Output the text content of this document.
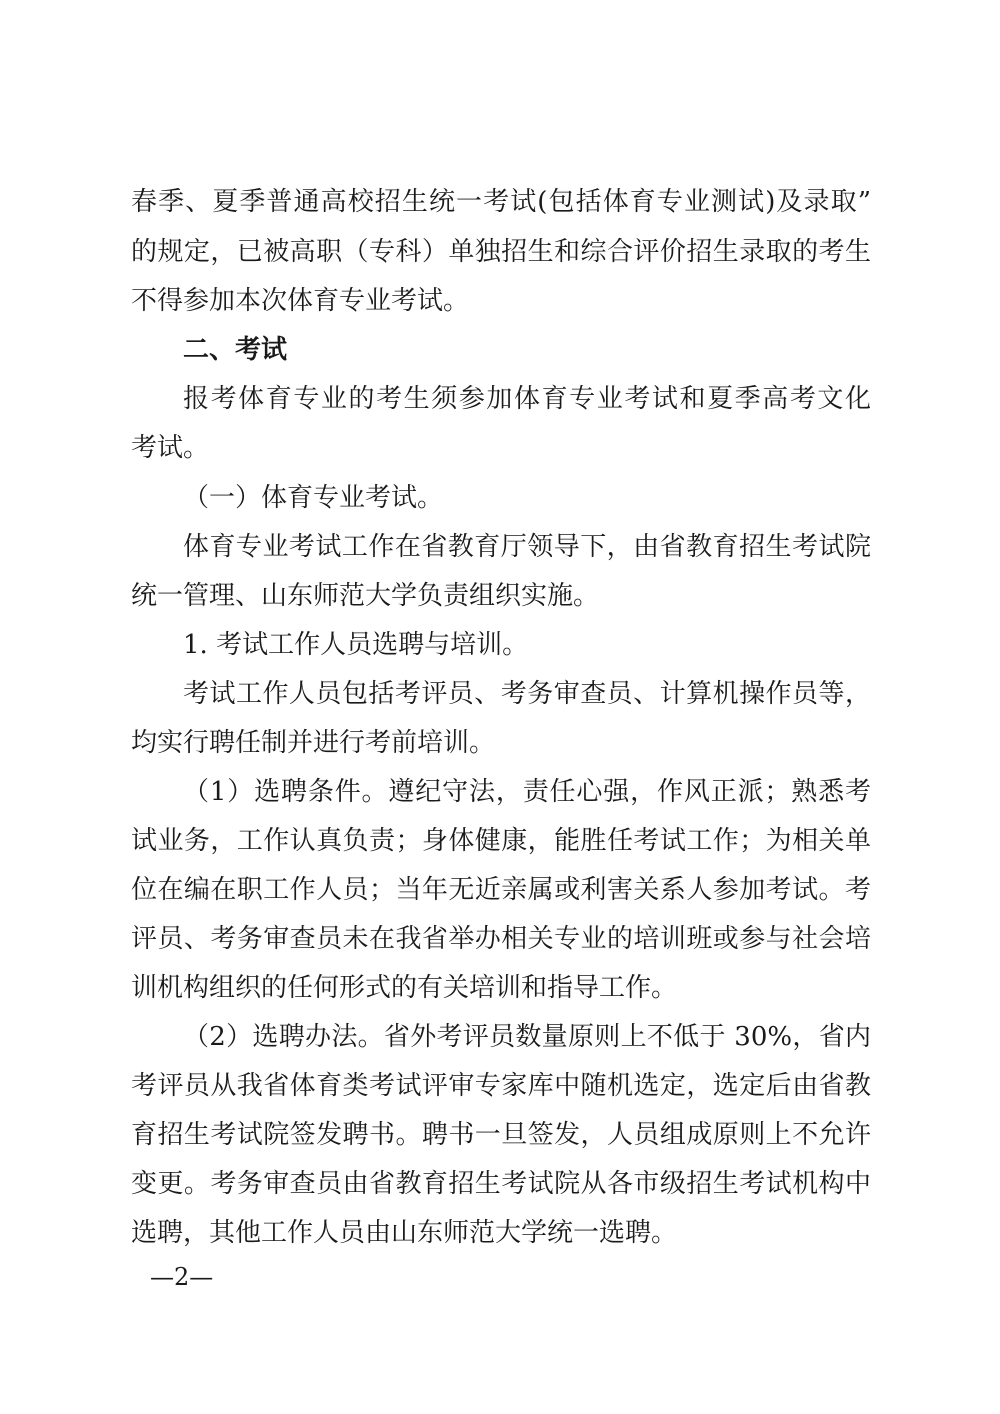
春季、夏季普通高校招生统一考试(包括体育专业测试)及录取”
的规定，已被高职（专科）单独招生和综合评价招生录取的考生
不得参加本次体育专业考试。
二、考试
报考体育专业的考生须参加体育专业考试和夏季高考文化
考试。
（一）体育专业考试。
体育专业考试工作在省教育厅领导下，由省教育招生考试院
统一管理、山东师范大学负责组织实施。
1. 考试工作人员选聘与培训。
考试工作人员包括考评员、考务审查员、计算机操作员等，
均实行聘任制并进行考前培训。
（1）选聘条件。遵纪守法，责任心强，作风正派；熟悉考
试业务，工作认真负责；身体健康，能胜任考试工作；为相关单
位在编在职工作人员；当年无近亲属或利害关系人参加考试。考
评员、考务审查员未在我省举办相关专业的培训班或参与社会培
训机构组织的任何形式的有关培训和指导工作。
（2）选聘办法。省外考评员数量原则上不低于 30%，省内
考评员从我省体育类考试评审专家库中随机选定，选定后由省教
育招生考试院签发聘书。聘书一旦签发，人员组成原则上不允许
变更。考务审查员由省教育招生考试院从各市级招生考试机构中
选聘，其他工作人员由山东师范大学统一选聘。
—2—
